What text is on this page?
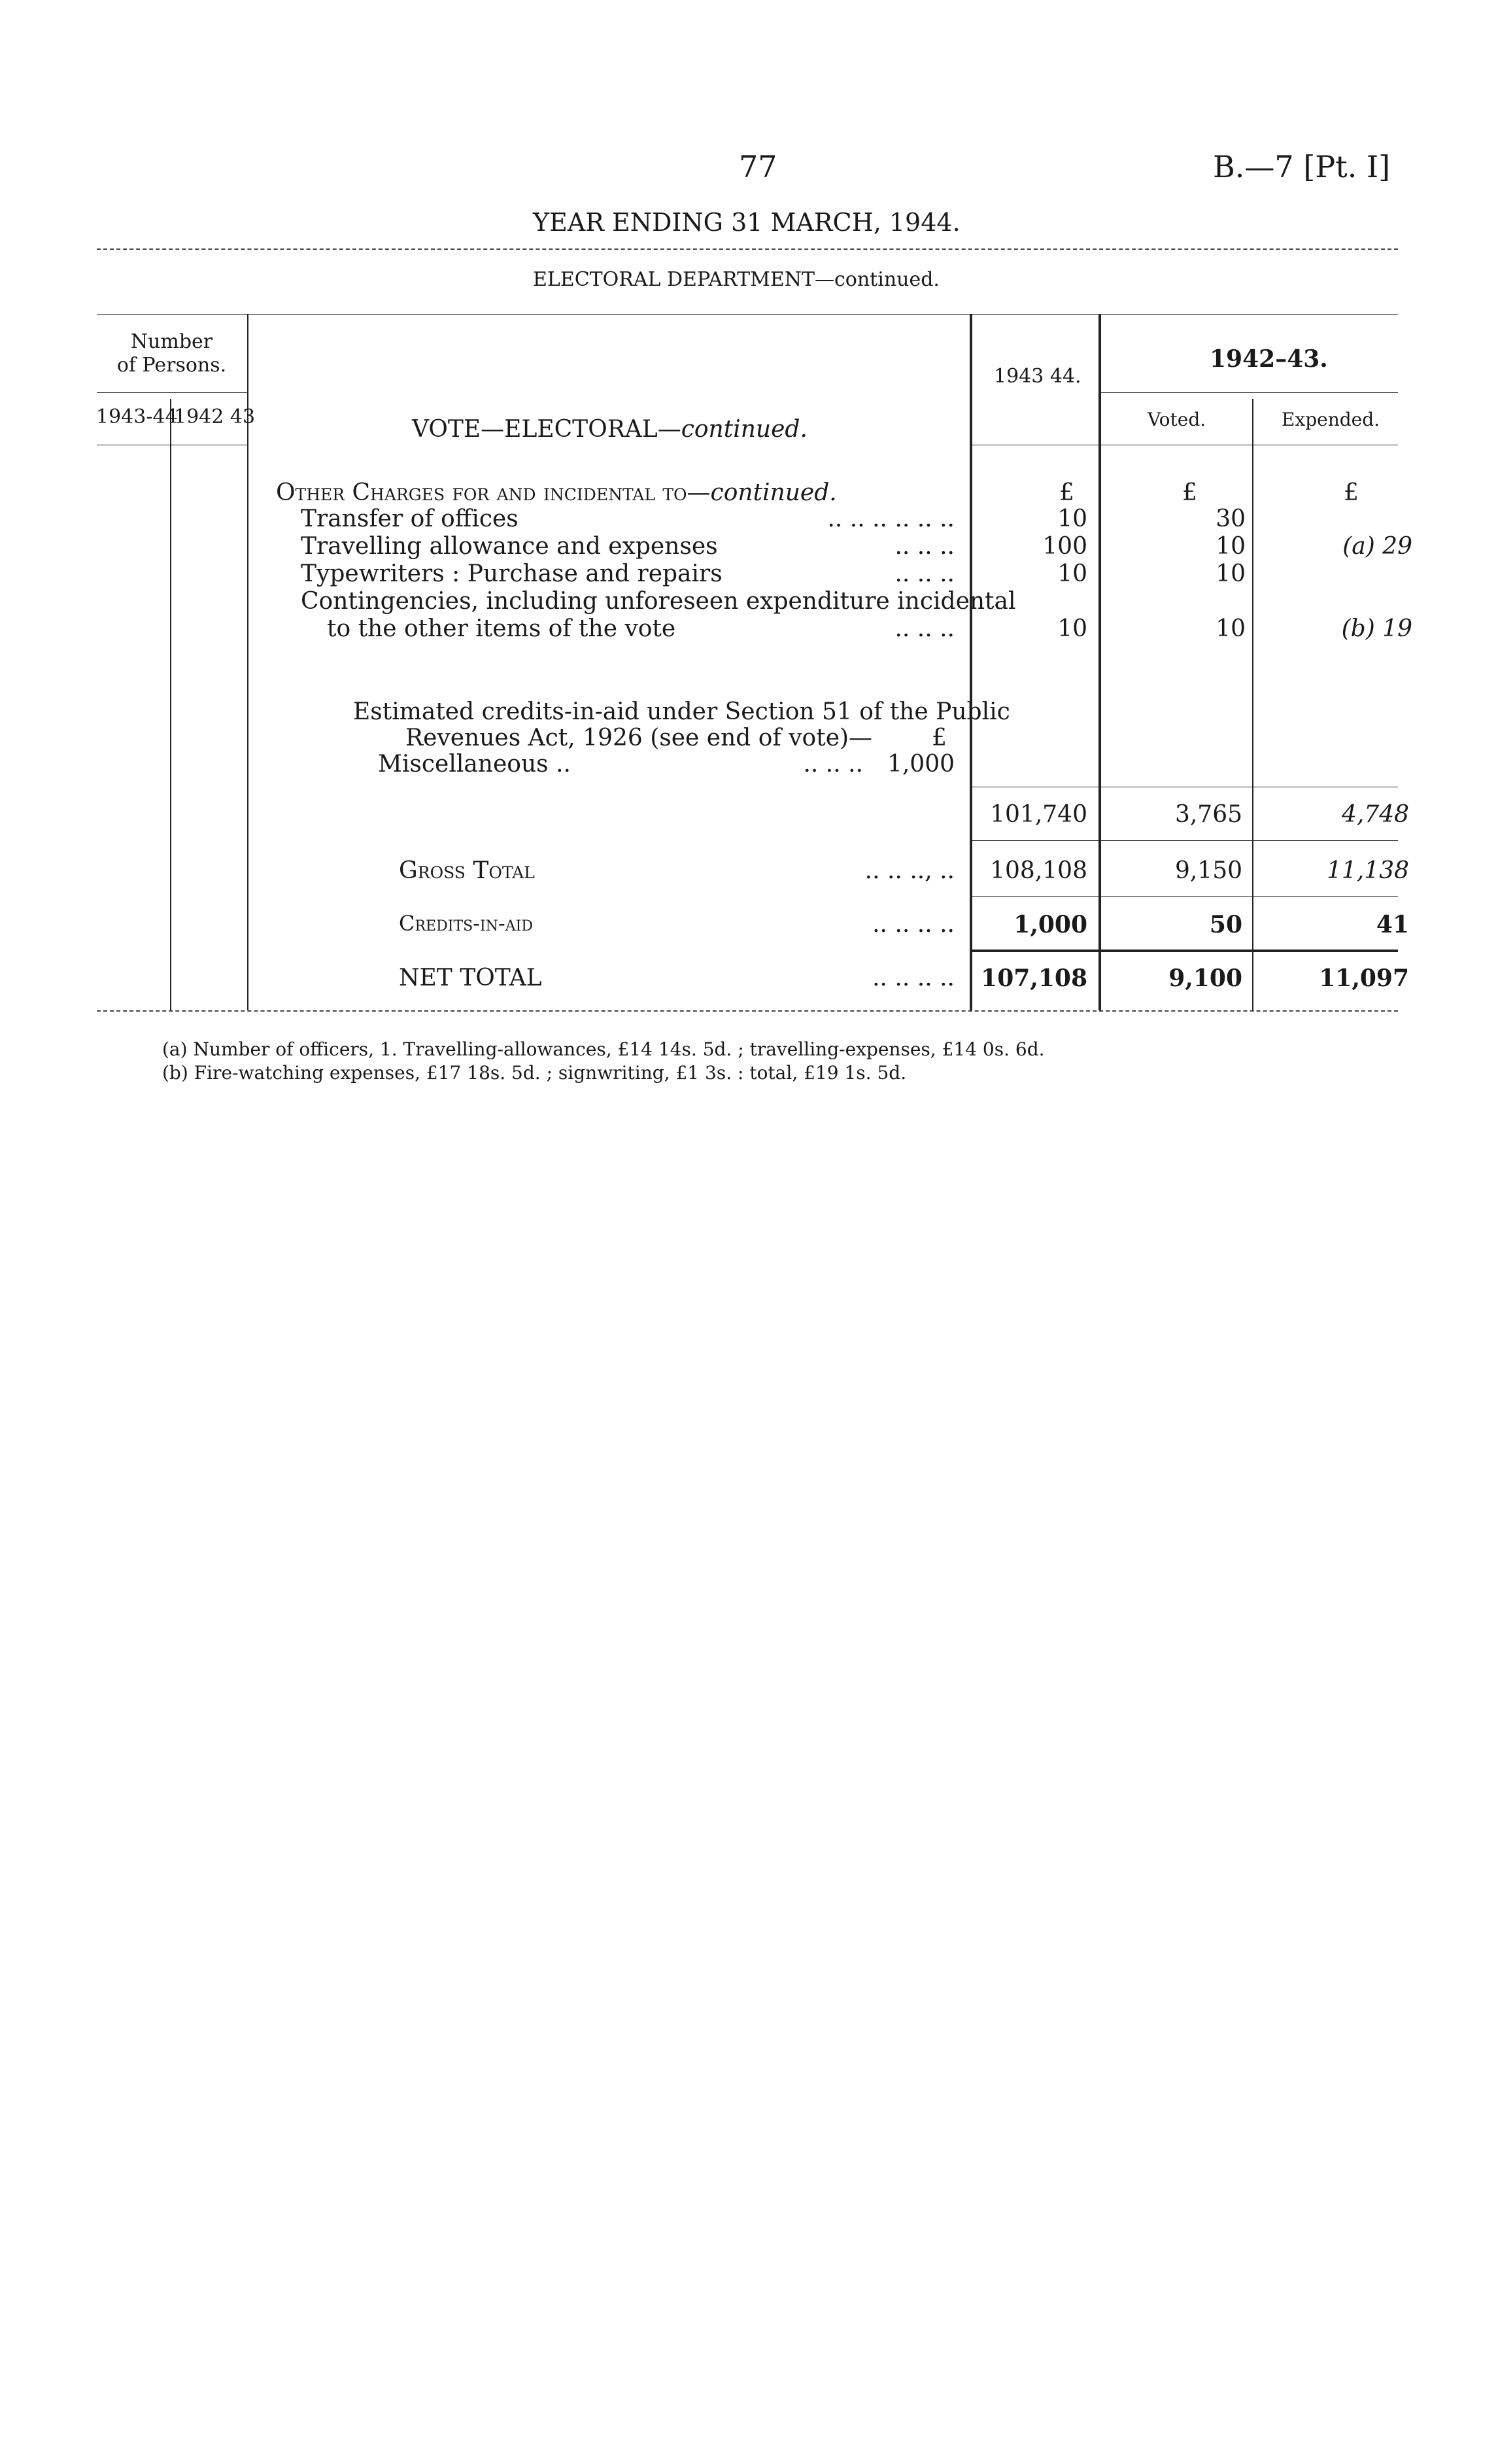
77	B.—7 [Pt. I]
YEAR ENDING 31 MARCH, 1944.
ELECTORAL DEPARTMENT—continued.
Number
of Persons.
1943-44
1942 43	VOTE—ELECTORAL—continued.
1943 44.
1942–43.
Voted.	Expended.
Other Charges for and incidental to—continued.	£	£	£
Transfer of offices	.. .. .. .. .. ..	10	30
Travelling allowance and expenses	.. .. ..	100	10	(a) 29
Typewriters : Purchase and repairs	.. .. ..	10	10
Contingencies, including unforeseen expenditure incidental
to the other items of the vote	.. .. ..	10	10	(b) 19
Estimated credits-in-aid under Section 51 of the Public
Revenues Act, 1926 (see end of vote)—	£
Miscellaneous ..	.. .. ..	1,000
101,740	3,765	4,748
Gross Total	.. .. .., ..	108,108	9,150	11,138
Credits-in-aid	.. .. .. ..	1,000	50	41
NET TOTAL	.. .. .. .. 107,108	9,100	11,097
(a) Number of officers, 1. Travelling-allowances, £14 14s. 5d. ; travelling-expenses, £14 0s. 6d.
(b) Fire-watching expenses, £17 18s. 5d. ; signwriting, £1 3s. : total, £19 1s. 5d.
